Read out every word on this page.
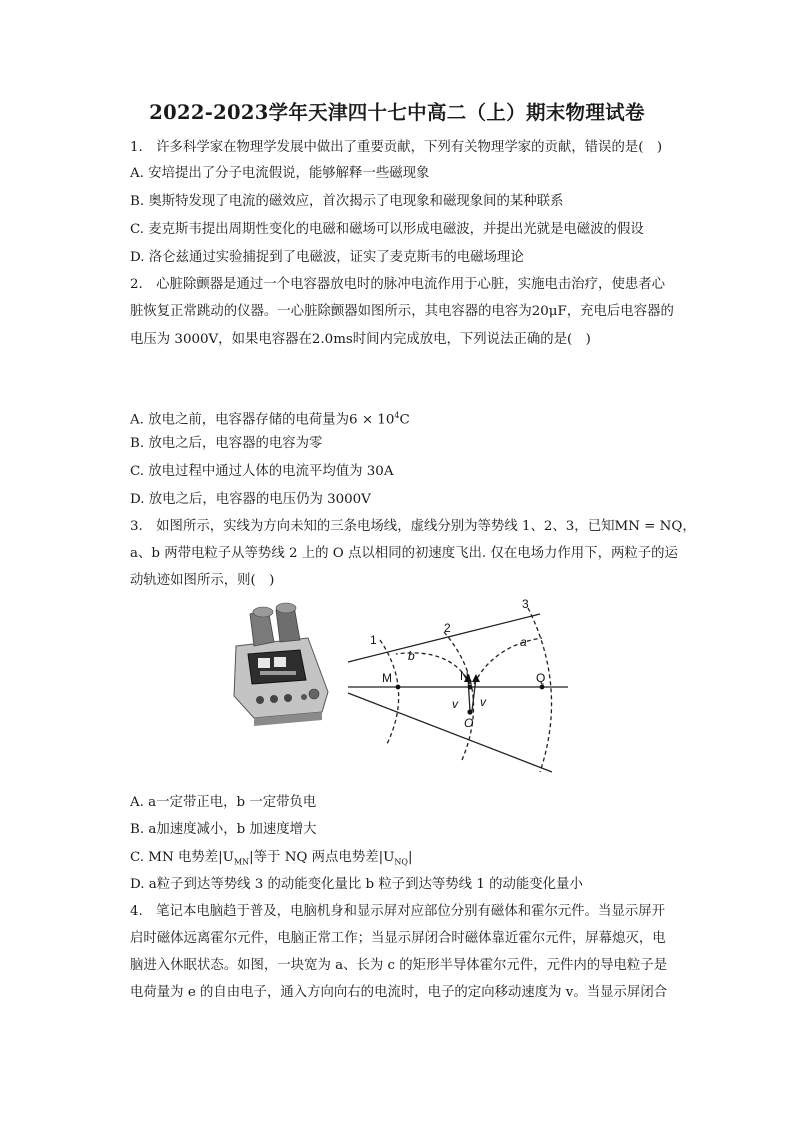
2022-2023学年天津四十七中高二（上）期末物理试卷
1.　许多科学家在物理学发展中做出了重要贡献，下列有关物理学家的贡献，错误的是(　)
A. 安培提出了分子电流假说，能够解释一些磁现象
B. 奥斯特发现了电流的磁效应，首次揭示了电现象和磁现象间的某种联系
C. 麦克斯韦提出周期性变化的电磁和磁场可以形成电磁波，并提出光就是电磁波的假设
D. 洛仑兹通过实验捕捉到了电磁波，证实了麦克斯韦的电磁场理论
2.　心脏除颤器是通过一个电容器放电时的脉冲电流作用于心脏，实施电击治疗，使患者心
脏恢复正常跳动的仪器。一心脏除颤器如图所示，其电容器的电容为20μF，充电后电容器的
电压为 3000V，如果电容器在2.0ms时间内完成放电，下列说法正确的是(　)
A. 放电之前，电容器存储的电荷量为$6 \times 10^4C$
B. 放电之后，电容器的电容为零
C. 放电过程中通过人体的电流平均值为 30A
D. 放电之后，电容器的电压仍为 3000V
3.　如图所示，实线为方向未知的三条电场线，虚线分别为等势线 1、2、3，已知MN = NQ，
a、b 两带电粒子从等势线 2 上的 O 点以相同的初速度飞出. 仅在电场力作用下，两粒子的运
动轨迹如图所示，则(　)
1
2
3
b
a
M	N	Q
O
v v
A. a一定带正电，b 一定带负电
B. a加速度减小，b 加速度增大
C. MN 电势差$|U_{MN}|$等于 NQ 两点电势差$|U_{NQ}|$
D. a粒子到达等势线 3 的动能变化量比 b 粒子到达等势线 1 的动能变化量小
4.　笔记本电脑趋于普及，电脑机身和显示屏对应部位分别有磁体和霍尔元件。当显示屏开
启时磁体远离霍尔元件，电脑正常工作；当显示屏闭合时磁体靠近霍尔元件，屏幕熄灭，电
脑进入休眠状态。如图，一块宽为 a、长为 c 的矩形半导体霍尔元件，元件内的导电粒子是
电荷量为 e 的自由电子，通入方向向右的电流时，电子的定向移动速度为 v。当显示屏闭合
